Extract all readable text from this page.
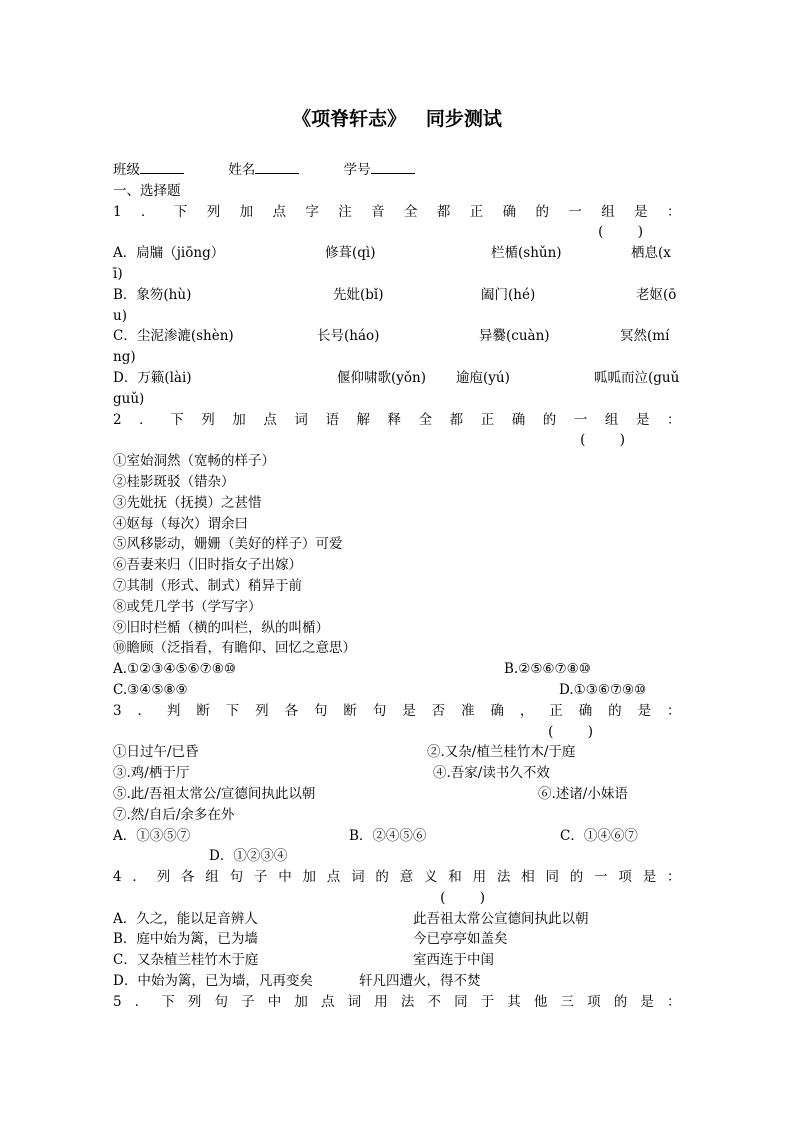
《项脊轩志》   同步测试
班级	姓名	学号
一、选择题
1．下列加点字注音全都正确的一组是：
(        )
A．扃牖（jiōng）	修葺(qì)	栏楯(shǔn)	栖息(x
ī)
B．象笏(hù)	先妣(bǐ)	阖门(hé)	老妪(ō
u)
C．尘泥渗漉(shèn)	长号(háo)	异爨(cuàn)	冥然(mí
ng)
D．万籁(lài)	偃仰啸歌(yǒn) 逾庖(yú)	呱呱而泣(guǔ
guǔ)
2．下列加点词语解释全都正确的一组是：
(        )
①室始洞然（宽畅的样子）
②桂影斑驳（错杂）
③先妣抚（抚摸）之甚惜
④妪每（每次）谓余曰
⑤风移影动，姗姗（美好的样子）可爱
⑥吾妻来归（旧时指女子出嫁）
⑦其制（形式、制式）稍异于前
⑧或凭几学书（学写字）
⑨旧时栏楯（横的叫栏，纵的叫楯）
⑩瞻顾（泛指看，有瞻仰、回忆之意思）
A.①②③④⑤⑥⑦⑧⑩	B.②⑤⑥⑦⑧⑩
C.③④⑤⑧⑨	D.①③⑥⑦⑨⑩
3．判断下列各句断句是否准确，正确的是：
(        )
①日过午/已昏	②.又杂/植兰桂竹木/于庭
③.鸡/栖于厅	④.吾家/读书久不效
⑤.此/吾祖太常公/宣德间执此以朝	⑥.述诸/小妹语
⑦.然/自后/余多在外
A．①③⑤⑦	B．②④⑤⑥	C．①④⑥⑦
D．①②③④
4．列各组句子中加点词的意义和用法相同的一项是：
(        )
A．久之，能以足音辨人	此吾祖太常公宣德间执此以朝
B．庭中始为篱，已为墙	今已亭亭如盖矣
C．又杂植兰桂竹木于庭	室西连于中闺
D．中始为篱，已为墙，凡再变矣	轩凡四遭火，得不焚
5．下列句子中加点词用法不同于其他三项的是：
